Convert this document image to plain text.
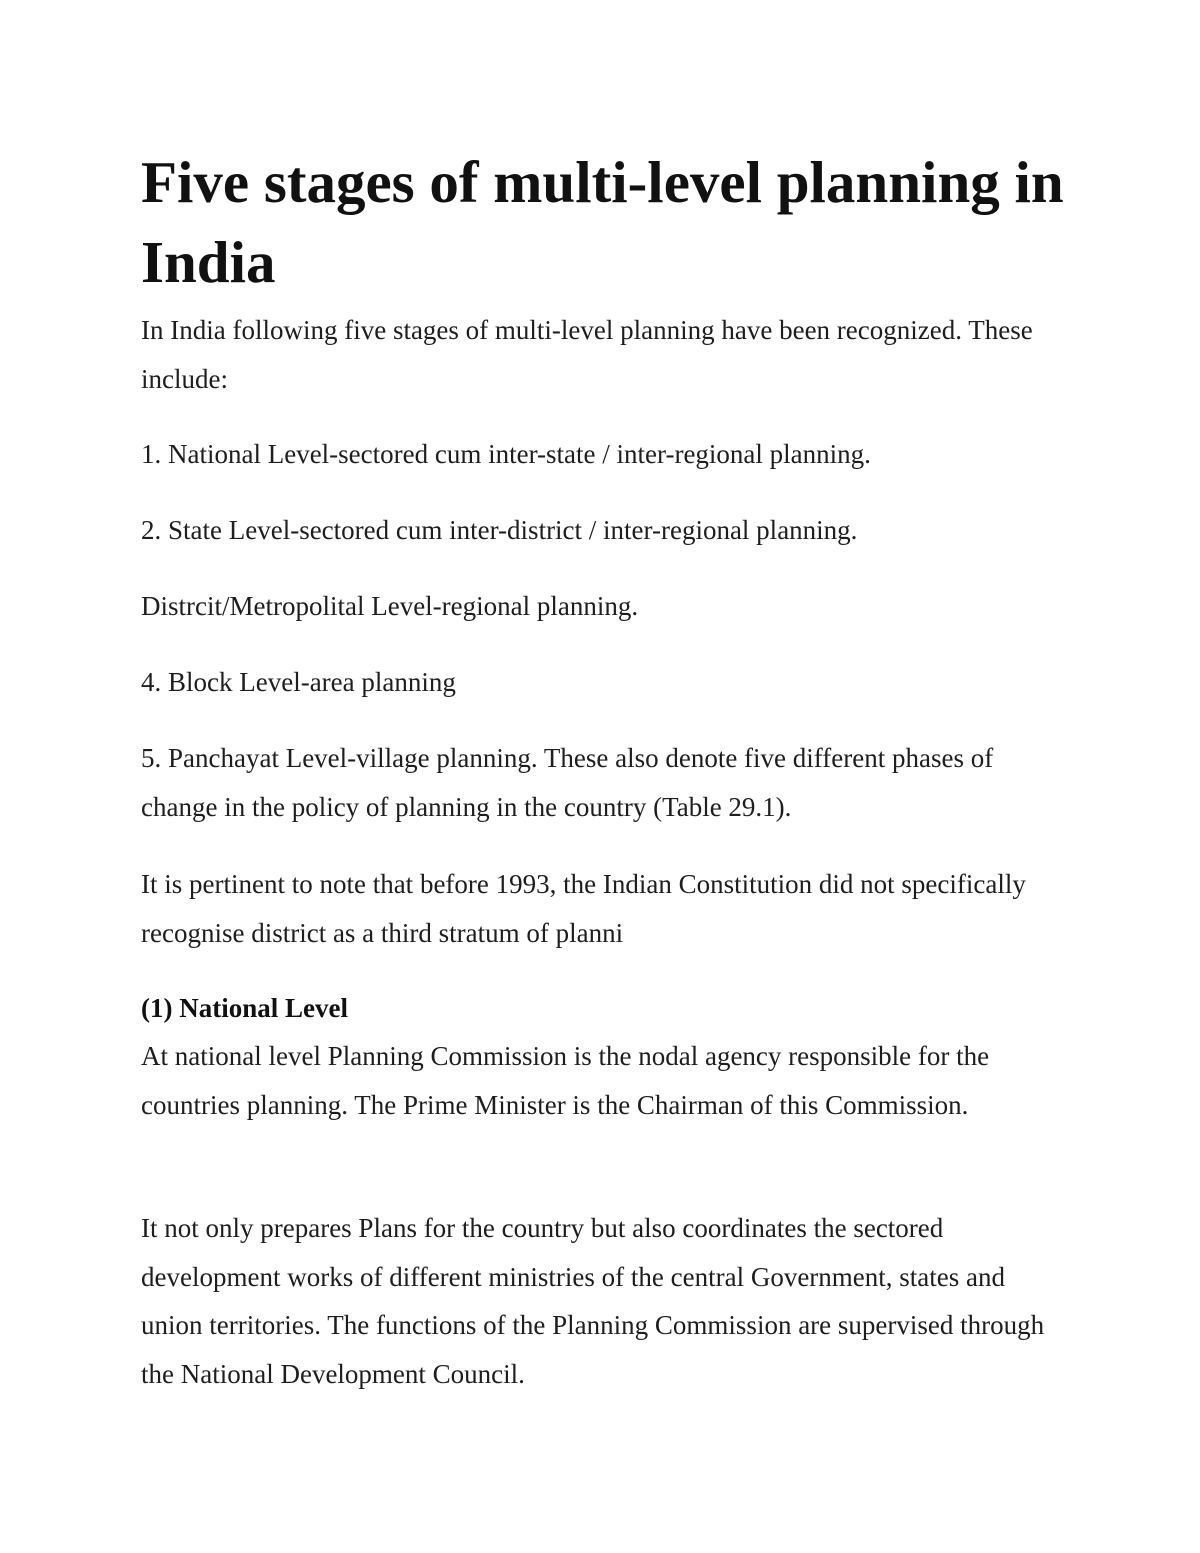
Five stages of multi-level planning in India

In India following five stages of multi-level planning have been recognized. These include:

1. National Level-sectored cum inter-state / inter-regional planning.

2. State Level-sectored cum inter-district / inter-regional planning.

Distrcit/Metropolital Level-regional planning.

4. Block Level-area planning

5. Panchayat Level-village planning. These also denote five different phases of change in the policy of planning in the country (Table 29.1).

It is pertinent to note that before 1993, the Indian Constitution did not specifically recognise district as a third stratum of planni

(1) National Level

At national level Planning Commission is the nodal agency responsible for the countries planning. The Prime Minister is the Chairman of this Commission.

It not only prepares Plans for the country but also coordinates the sectored development works of different ministries of the central Government, states and union territories. The functions of the Planning Commission are supervised through the National Development Council.
